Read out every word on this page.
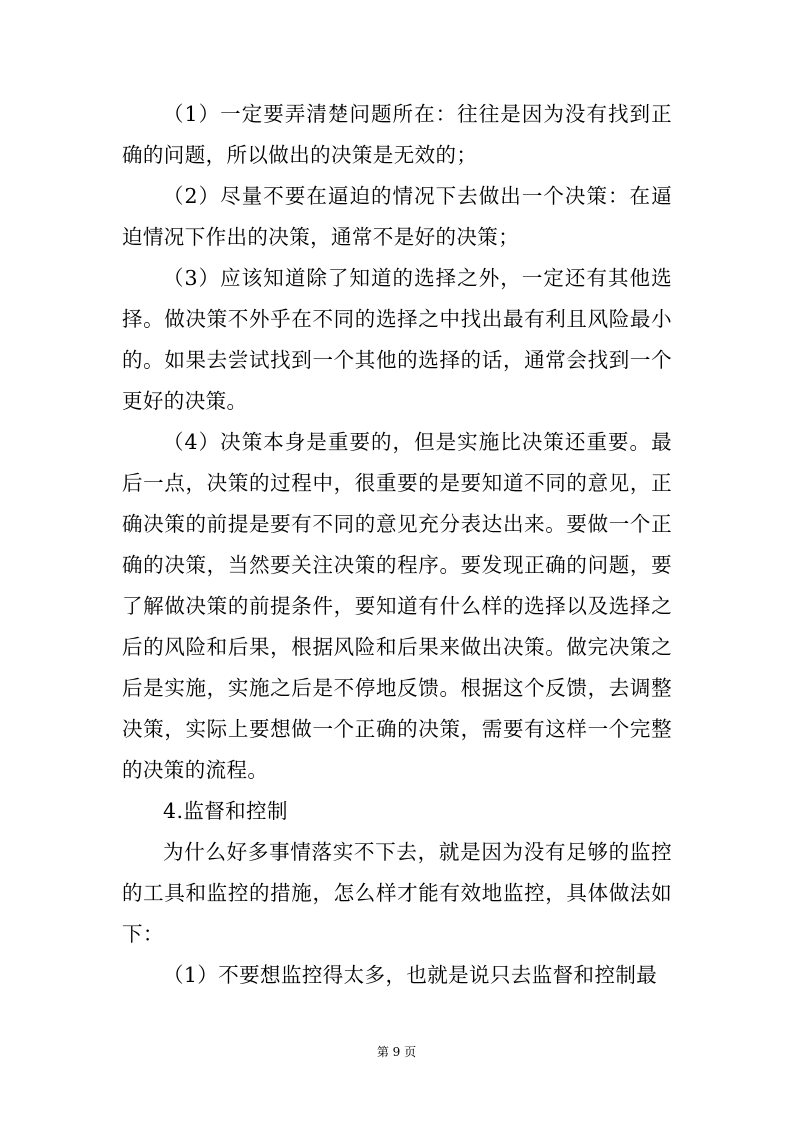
（1）一定要弄清楚问题所在：往往是因为没有找到正确的问题，所以做出的决策是无效的；

（2）尽量不要在逼迫的情况下去做出一个决策：在逼迫情况下作出的决策，通常不是好的决策；

（3）应该知道除了知道的选择之外，一定还有其他选择。做决策不外乎在不同的选择之中找出最有利且风险最小的。如果去尝试找到一个其他的选择的话，通常会找到一个更好的决策。

（4）决策本身是重要的，但是实施比决策还重要。最后一点，决策的过程中，很重要的是要知道不同的意见，正确决策的前提是要有不同的意见充分表达出来。要做一个正确的决策，当然要关注决策的程序。要发现正确的问题，要了解做决策的前提条件，要知道有什么样的选择以及选择之后的风险和后果，根据风险和后果来做出决策。做完决策之后是实施，实施之后是不停地反馈。根据这个反馈，去调整决策，实际上要想做一个正确的决策，需要有这样一个完整的决策的流程。

4.监督和控制

为什么好多事情落实不下去，就是因为没有足够的监控的工具和监控的措施，怎么样才能有效地监控，具体做法如下：

（1）不要想监控得太多，也就是说只去监督和控制最

第 9 页
